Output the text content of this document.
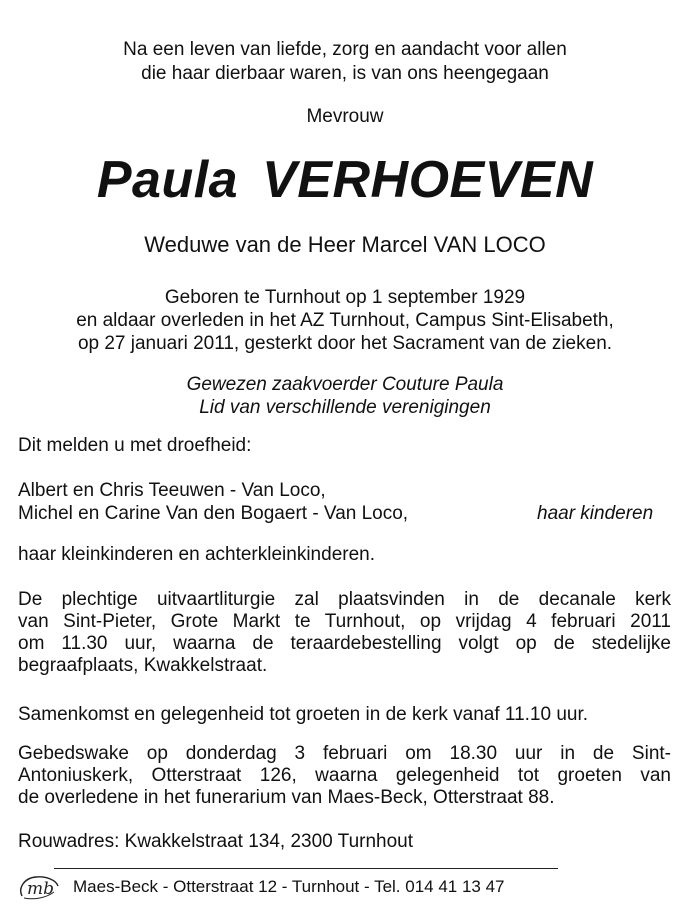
Na een leven van liefde, zorg en aandacht voor allen
die haar dierbaar waren, is van ons heengegaan
Mevrouw
Paula VERHOEVEN
Weduwe van de Heer Marcel VAN LOCO
Geboren te Turnhout op 1 september 1929
en aldaar overleden in het AZ Turnhout, Campus Sint-Elisabeth,
op 27 januari 2011, gesterkt door het Sacrament van de zieken.
Gewezen zaakvoerder Couture Paula
Lid van verschillende verenigingen
Dit melden u met droefheid:
Albert en Chris Teeuwen - Van Loco,
Michel en Carine Van den Bogaert - Van Loco,	haar kinderen
haar kleinkinderen en achterkleinkinderen.
De plechtige uitvaartliturgie zal plaatsvinden in de decanale kerk
van Sint-Pieter, Grote Markt te Turnhout, op vrijdag 4 februari 2011
om 11.30 uur, waarna de teraardebestelling volgt op de stedelijke
begraafplaats, Kwakkelstraat.
Samenkomst en gelegenheid tot groeten in de kerk vanaf 11.10 uur.
Gebedswake op donderdag 3 februari om 18.30 uur in de Sint-
Antoniuskerk, Otterstraat 126, waarna gelegenheid tot groeten van
de overledene in het funerarium van Maes-Beck, Otterstraat 88.
Rouwadres: Kwakkelstraat 134, 2300 Turnhout
mb Maes-Beck - Otterstraat 12 - Turnhout - Tel. 014 41 13 47
